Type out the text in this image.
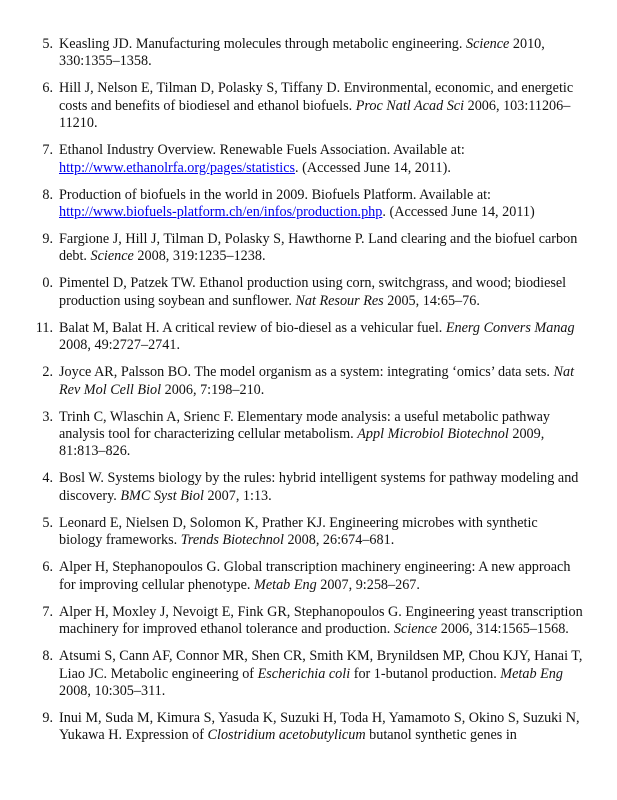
5. Keasling JD. Manufacturing molecules through metabolic engineering. Science 2010, 330:1355–1358.
6. Hill J, Nelson E, Tilman D, Polasky S, Tiffany D. Environmental, economic, and energetic costs and benefits of biodiesel and ethanol biofuels. Proc Natl Acad Sci 2006, 103:11206–11210.
7. Ethanol Industry Overview. Renewable Fuels Association. Available at: http://www.ethanolrfa.org/pages/statistics. (Accessed June 14, 2011).
8. Production of biofuels in the world in 2009. Biofuels Platform. Available at: http://www.biofuels-platform.ch/en/infos/production.php. (Accessed June 14, 2011)
9. Fargione J, Hill J, Tilman D, Polasky S, Hawthorne P. Land clearing and the biofuel carbon debt. Science 2008, 319:1235–1238.
0. Pimentel D, Patzek TW. Ethanol production using corn, switchgrass, and wood; biodiesel production using soybean and sunflower. Nat Resour Res 2005, 14:65–76.
11. Balat M, Balat H. A critical review of bio-diesel as a vehicular fuel. Energ Convers Manag 2008, 49:2727–2741.
2. Joyce AR, Palsson BO. The model organism as a system: integrating ‘omics’ data sets. Nat Rev Mol Cell Biol 2006, 7:198–210.
3. Trinh C, Wlaschin A, Srienc F. Elementary mode analysis: a useful metabolic pathway analysis tool for characterizing cellular metabolism. Appl Microbiol Biotechnol 2009, 81:813–826.
4. Bosl W. Systems biology by the rules: hybrid intelligent systems for pathway modeling and discovery. BMC Syst Biol 2007, 1:13.
5. Leonard E, Nielsen D, Solomon K, Prather KJ. Engineering microbes with synthetic biology frameworks. Trends Biotechnol 2008, 26:674–681.
6. Alper H, Stephanopoulos G. Global transcription machinery engineering: A new approach for improving cellular phenotype. Metab Eng 2007, 9:258–267.
7. Alper H, Moxley J, Nevoigt E, Fink GR, Stephanopoulos G. Engineering yeast transcription machinery for improved ethanol tolerance and production. Science 2006, 314:1565–1568.
8. Atsumi S, Cann AF, Connor MR, Shen CR, Smith KM, Brynildsen MP, Chou KJY, Hanai T, Liao JC. Metabolic engineering of Escherichia coli for 1-butanol production. Metab Eng 2008, 10:305–311.
9. Inui M, Suda M, Kimura S, Yasuda K, Suzuki H, Toda H, Yamamoto S, Okino S, Suzuki N, Yukawa H. Expression of Clostridium acetobutylicum butanol synthetic genes in
